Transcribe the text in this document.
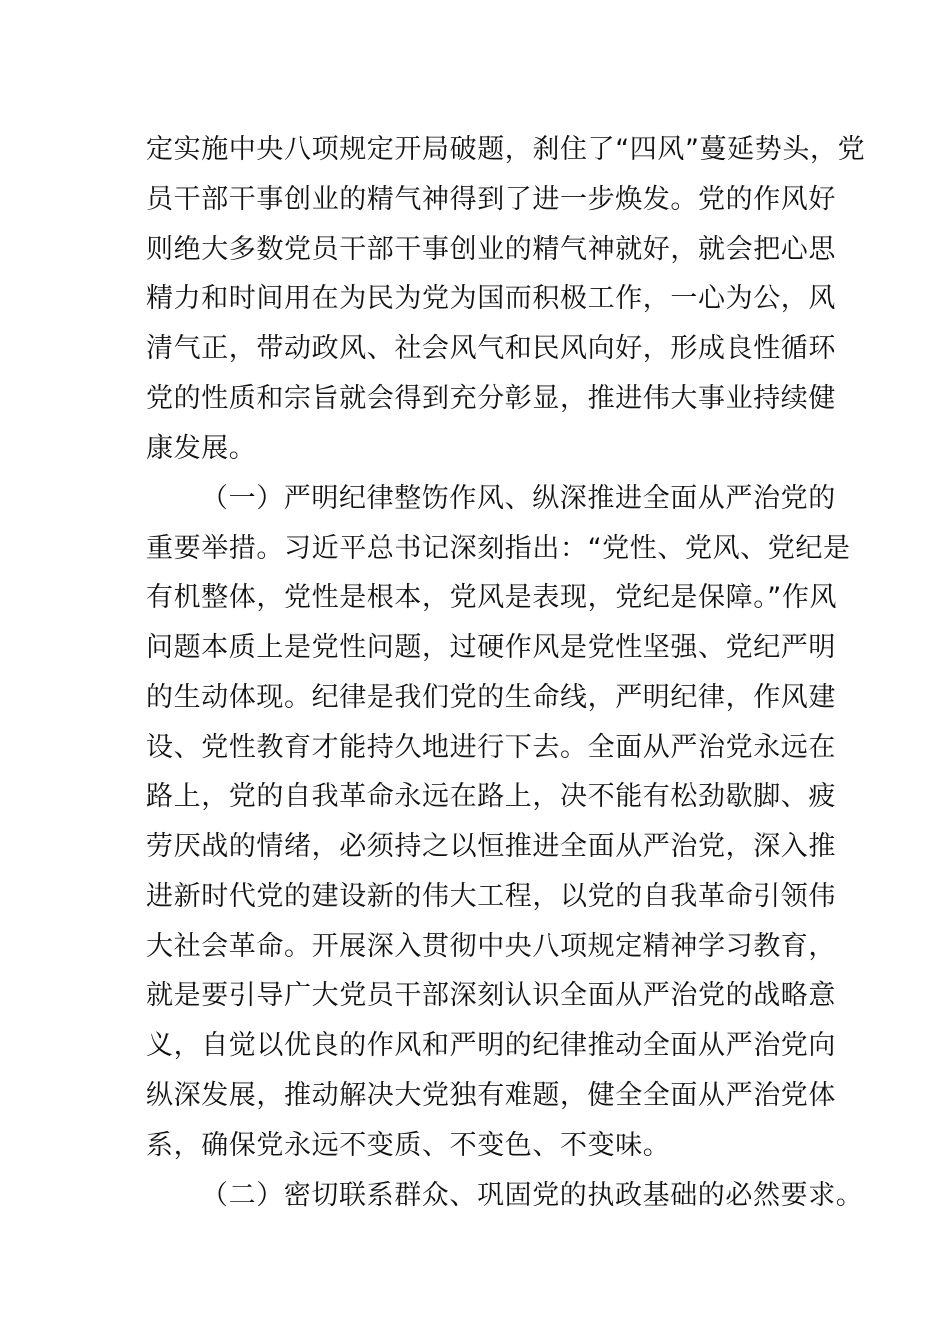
定实施中央八项规定开局破题，刹住了“四风”蔓延势头，党
员干部干事创业的精气神得到了进一步焕发。党的作风好
则绝大多数党员干部干事创业的精气神就好，就会把心思
精力和时间用在为民为党为国而积极工作，一心为公，风
清气正，带动政风、社会风气和民风向好，形成良性循环
党的性质和宗旨就会得到充分彰显，推进伟大事业持续健
康发展。
（一）严明纪律整饬作风、纵深推进全面从严治党的
重要举措。习近平总书记深刻指出：“党性、党风、党纪是
有机整体，党性是根本，党风是表现，党纪是保障。”作风
问题本质上是党性问题，过硬作风是党性坚强、党纪严明
的生动体现。纪律是我们党的生命线，严明纪律，作风建
设、党性教育才能持久地进行下去。全面从严治党永远在
路上，党的自我革命永远在路上，决不能有松劲歇脚、疲
劳厌战的情绪，必须持之以恒推进全面从严治党，深入推
进新时代党的建设新的伟大工程，以党的自我革命引领伟
大社会革命。开展深入贯彻中央八项规定精神学习教育，
就是要引导广大党员干部深刻认识全面从严治党的战略意
义，自觉以优良的作风和严明的纪律推动全面从严治党向
纵深发展，推动解决大党独有难题，健全全面从严治党体
系，确保党永远不变质、不变色、不变味。
（二）密切联系群众、巩固党的执政基础的必然要求。
